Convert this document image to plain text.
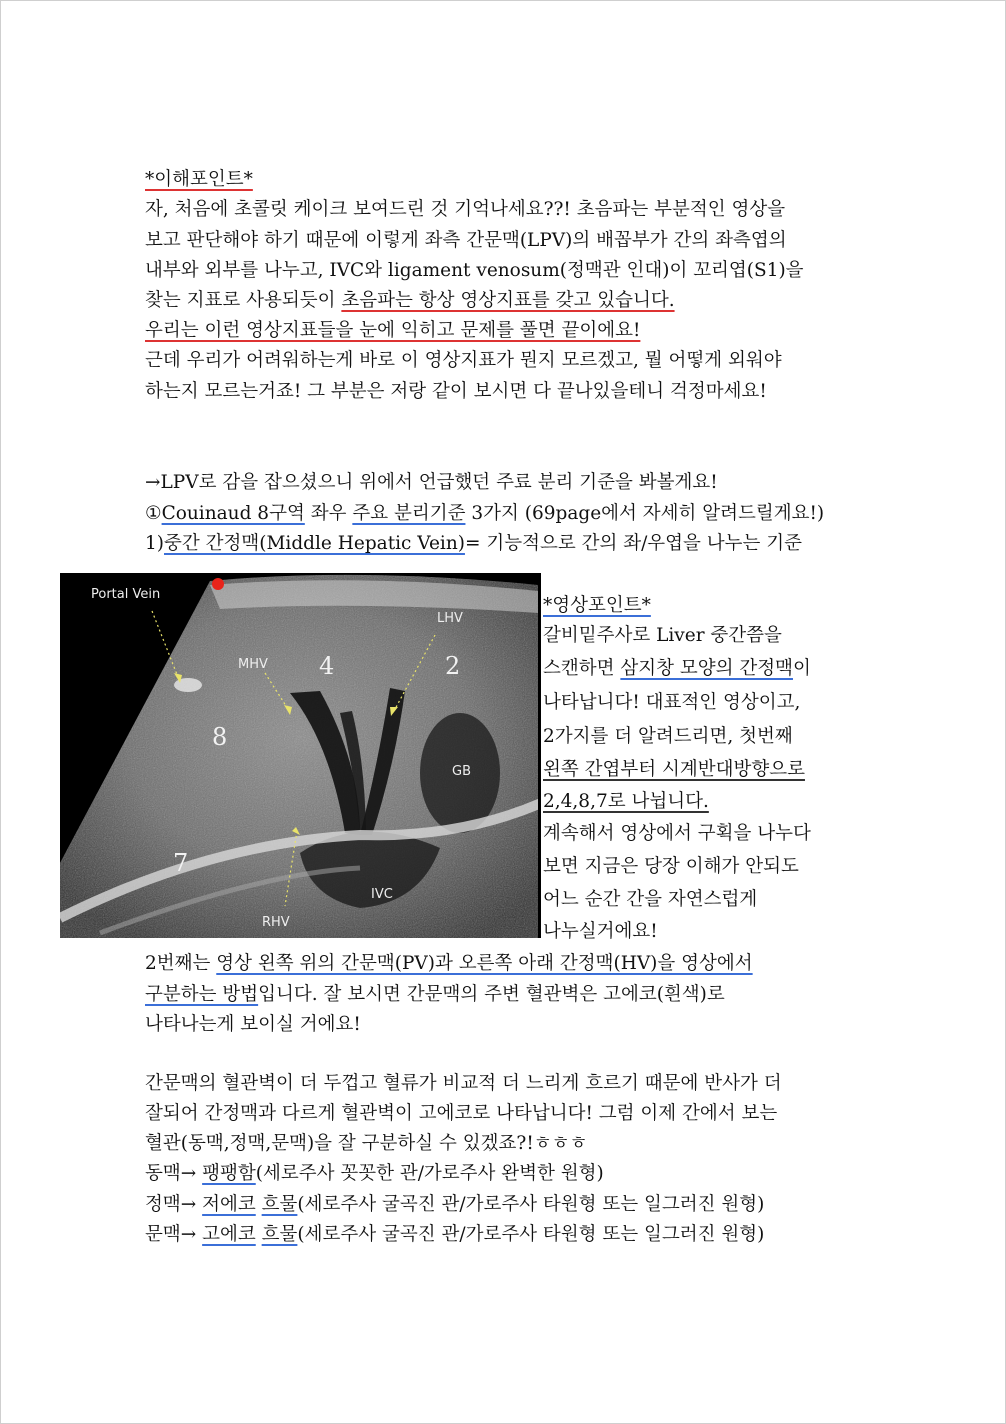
*이해포인트*
자, 처음에 초콜릿 케이크 보여드린 것 기억나세요??! 초음파는 부분적인 영상을
보고 판단해야 하기 때문에 이렇게 좌측 간문맥(LPV)의 배꼽부가 간의 좌측엽의
내부와 외부를 나누고, IVC와 ligament venosum(정맥관 인대)이 꼬리엽(S1)을
찾는 지표로 사용되듯이 초음파는 항상 영상지표를 갖고 있습니다.
우리는 이런 영상지표들을 눈에 익히고 문제를 풀면 끝이에요!
근데 우리가 어려워하는게 바로 이 영상지표가 뭔지 모르겠고, 뭘 어떻게 외워야
하는지 모르는거죠! 그 부분은 저랑 같이 보시면 다 끝나있을테니 걱정마세요!
→LPV로 감을 잡으셨으니 위에서 언급했던 주료 분리 기준을 봐볼게요!
①Couinaud 8구역 좌우 주요 분리기준 3가지 (69page에서 자세히 알려드릴게요!)
1)중간 간정맥(Middle Hepatic Vein)= 기능적으로 간의 좌/우엽을 나누는 기준
Portal Vein
LHV
MHV
GB
IVC
RHV
4	2
8
7
*영상포인트*
갈비밑주사로 Liver 중간쯤을
스캔하면 삼지창 모양의 간정맥이
나타납니다! 대표적인 영상이고,
2가지를 더 알려드리면, 첫번째
왼쪽 간엽부터 시계반대방향으로
2,4,8,7로 나뉩니다.
계속해서 영상에서 구획을 나누다
보면 지금은 당장 이해가 안되도
어느 순간 간을 자연스럽게
나누실거에요!
2번째는 영상 왼쪽 위의 간문맥(PV)과 오른쪽 아래 간정맥(HV)을 영상에서
구분하는 방법입니다. 잘 보시면 간문맥의 주변 혈관벽은 고에코(흰색)로
나타나는게 보이실 거에요!
간문맥의 혈관벽이 더 두껍고 혈류가 비교적 더 느리게 흐르기 때문에 반사가 더
잘되어 간정맥과 다르게 혈관벽이 고에코로 나타납니다! 그럼 이제 간에서 보는
혈관(동맥,정맥,문맥)을 잘 구분하실 수 있겠죠?!ㅎㅎㅎ
동맥→ 팽팽함(세로주사 꼿꼿한 관/가로주사 완벽한 원형)
정맥→ 저에코 흐물(세로주사 굴곡진 관/가로주사 타원형 또는 일그러진 원형)
문맥→ 고에코 흐물(세로주사 굴곡진 관/가로주사 타원형 또는 일그러진 원형)
